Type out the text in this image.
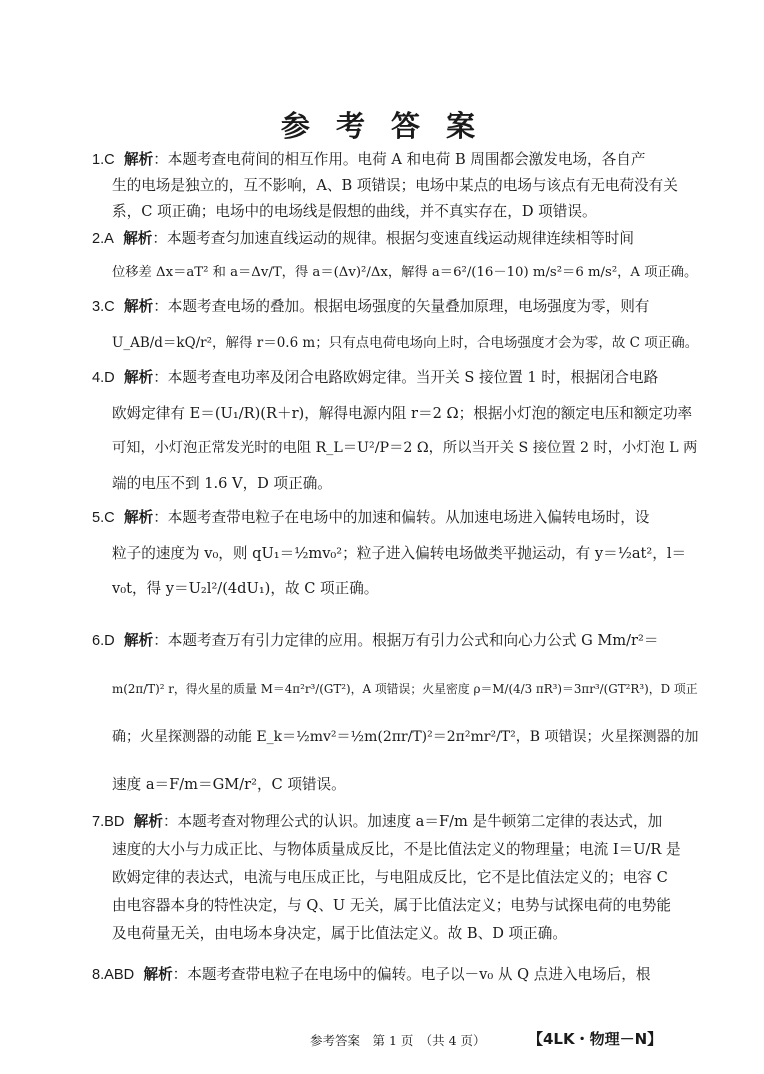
参 考 答 案
1.C 解析：本题考查电荷间的相互作用。电荷 A 和电荷 B 周围都会激发电场，各自产
生的电场是独立的，互不影响，A、B 项错误；电场中某点的电场与该点有无电荷没有关
系，C 项正确；电场中的电场线是假想的曲线，并不真实存在，D 项错误。
2.A 解析：本题考查匀加速直线运动的规律。根据匀变速直线运动规律连续相等时间
位移差 Δx＝aT² 和 a＝Δv/T，得 a＝(Δv)²/Δx，解得 a＝6²/(16－10) m/s²＝6 m/s²，A 项正确。
3.C 解析：本题考查电场的叠加。根据电场强度的矢量叠加原理，电场强度为零，则有
U_AB/d＝kQ/r²，解得 r＝0.6 m；只有点电荷电场向上时，合电场强度才会为零，故 C 项正确。
4.D 解析：本题考查电功率及闭合电路欧姆定律。当开关 S 接位置 1 时，根据闭合电路
欧姆定律有 E＝(U₁/R)(R＋r)，解得电源内阻 r＝2 Ω；根据小灯泡的额定电压和额定功率
可知，小灯泡正常发光时的电阻 R_L＝U²/P＝2 Ω，所以当开关 S 接位置 2 时，小灯泡 L 两
端的电压不到 1.6 V，D 项正确。
5.C 解析：本题考查带电粒子在电场中的加速和偏转。从加速电场进入偏转电场时，设
粒子的速度为 v₀，则 qU₁＝½mv₀²；粒子进入偏转电场做类平抛运动，有 y＝½at²，l＝
v₀t，得 y＝U₂l²/(4dU₁)，故 C 项正确。
6.D 解析：本题考查万有引力定律的应用。根据万有引力公式和向心力公式 G Mm/r²＝
m(2π/T)² r，得火星的质量 M＝4π²r³/(GT²)，A 项错误；火星密度 ρ＝M/(4/3 πR³)＝3πr³/(GT²R³)，D 项正
确；火星探测器的动能 E_k＝½mv²＝½m(2πr/T)²＝2π²mr²/T²，B 项错误；火星探测器的加
速度 a＝F/m＝GM/r²，C 项错误。
7.BD 解析：本题考查对物理公式的认识。加速度 a＝F/m 是牛顿第二定律的表达式，加
速度的大小与力成正比、与物体质量成反比，不是比值法定义的物理量；电流 I＝U/R 是
欧姆定律的表达式，电流与电压成正比，与电阻成反比，它不是比值法定义的；电容 C
由电容器本身的特性决定，与 Q、U 无关，属于比值法定义；电势与试探电荷的电势能
及电荷量无关，由电场本身决定，属于比值法定义。故 B、D 项正确。
8.ABD 解析：本题考查带电粒子在电场中的偏转。电子以－v₀ 从 Q 点进入电场后，根
参考答案　第 1 页　（共 4 页）	【4LK・物理－N】
